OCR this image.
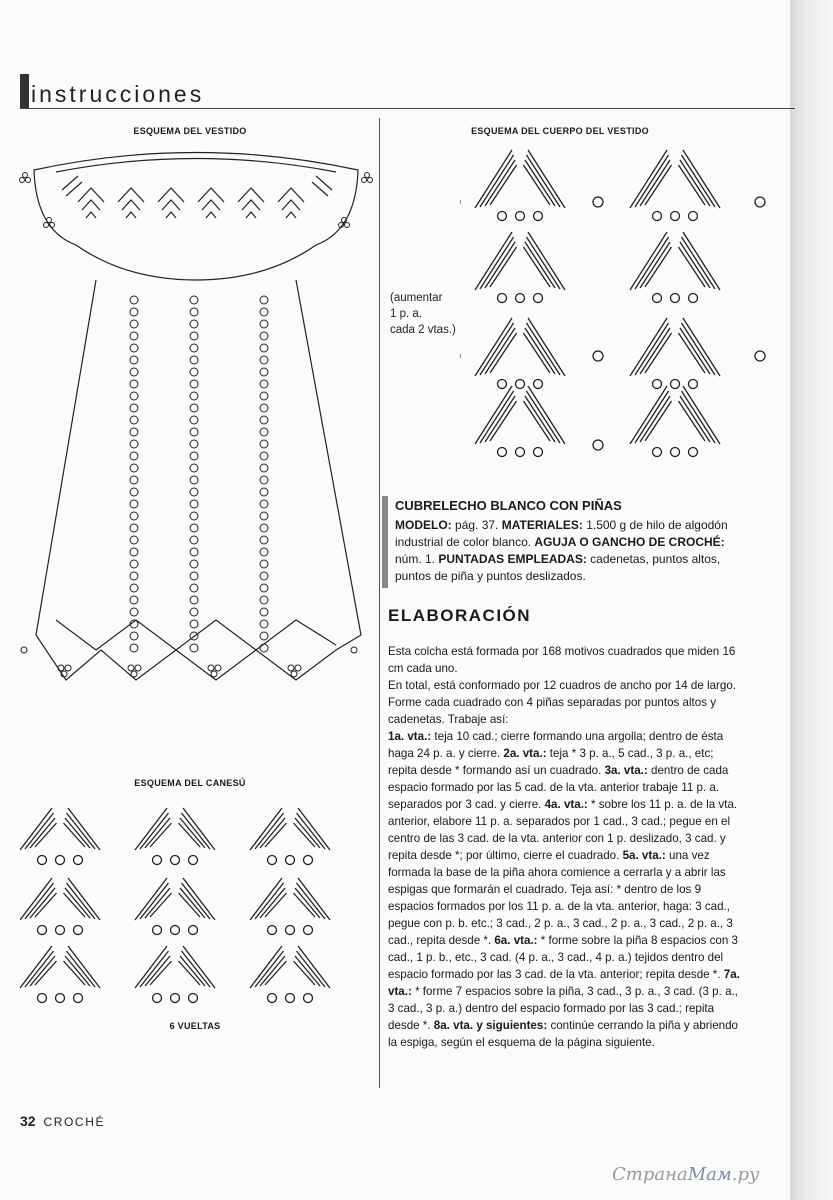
instrucciones
ESQUEMA DEL VESTIDO	ESQUEMA DEL CUERPO DEL VESTIDO
ESQUEMA DEL CANESÚ
6 VUELTAS
(aumentar
1 p. a.
cada 2 vtas.)
CUBRELECHO BLANCO CON PIÑAS
MODELO: pág. 37. MATERIALES: 1.500 g de hilo de algodón industrial de color blanco. AGUJA O GANCHO DE CROCHÉ: núm. 1. PUNTADAS EMPLEADAS: cadenetas, puntos altos, puntos de piña y puntos deslizados.
ELABORACIÓN

Esta colcha está formada por 168 motivos cuadrados que miden 16 cm cada uno.

En total, está conformado por 12 cuadros de ancho por 14 de largo. Forme cada cuadrado con 4 piñas separadas por puntos altos y cadenetas. Trabaje así:

1a. vta.: teja 10 cad.; cierre formando una argolla; dentro de ésta haga 24 p. a. y cierre. 2a. vta.: teja * 3 p. a., 5 cad., 3 p. a., etc; repita desde * formando así un cuadrado. 3a. vta.: dentro de cada espacio formado por las 5 cad. de la vta. anterior trabaje 11 p. a. separados por 3 cad. y cierre. 4a. vta.: * sobre los 11 p. a. de la vta. anterior, elabore 11 p. a. separados por 1 cad., 3 cad.; pegue en el centro de las 3 cad. de la vta. anterior con 1 p. deslizado, 3 cad. y repita desde *; por último, cierre el cuadrado. 5a. vta.: una vez formada la base de la piña ahora comience a cerrarla y a abrir las espigas que formarán el cuadrado. Teja así: * dentro de los 9 espacios formados por los 11 p. a. de la vta. anterior, haga: 3 cad., pegue con p. b. etc.; 3 cad., 2 p. a., 3 cad., 2 p. a., 3 cad., 2 p. a., 3 cad., repita desde *. 6a. vta.: * forme sobre la piña 8 espacios con 3 cad., 1 p. b., etc., 3 cad. (4 p. a., 3 cad., 4 p. a.) tejidos dentro del espacio formado por las 3 cad. de la vta. anterior; repita desde *. 7a. vta.: * forme 7 espacios sobre la piña, 3 cad., 3 p. a., 3 cad. (3 p. a., 3 cad., 3 p. a.) dentro del espacio formado por las 3 cad.; repita desde *. 8a. vta. y siguientes: continúe cerrando la piña y abriendo la espiga, según el esquema de la página siguiente.

32 CROCHÉ
СтранаМам.ру
